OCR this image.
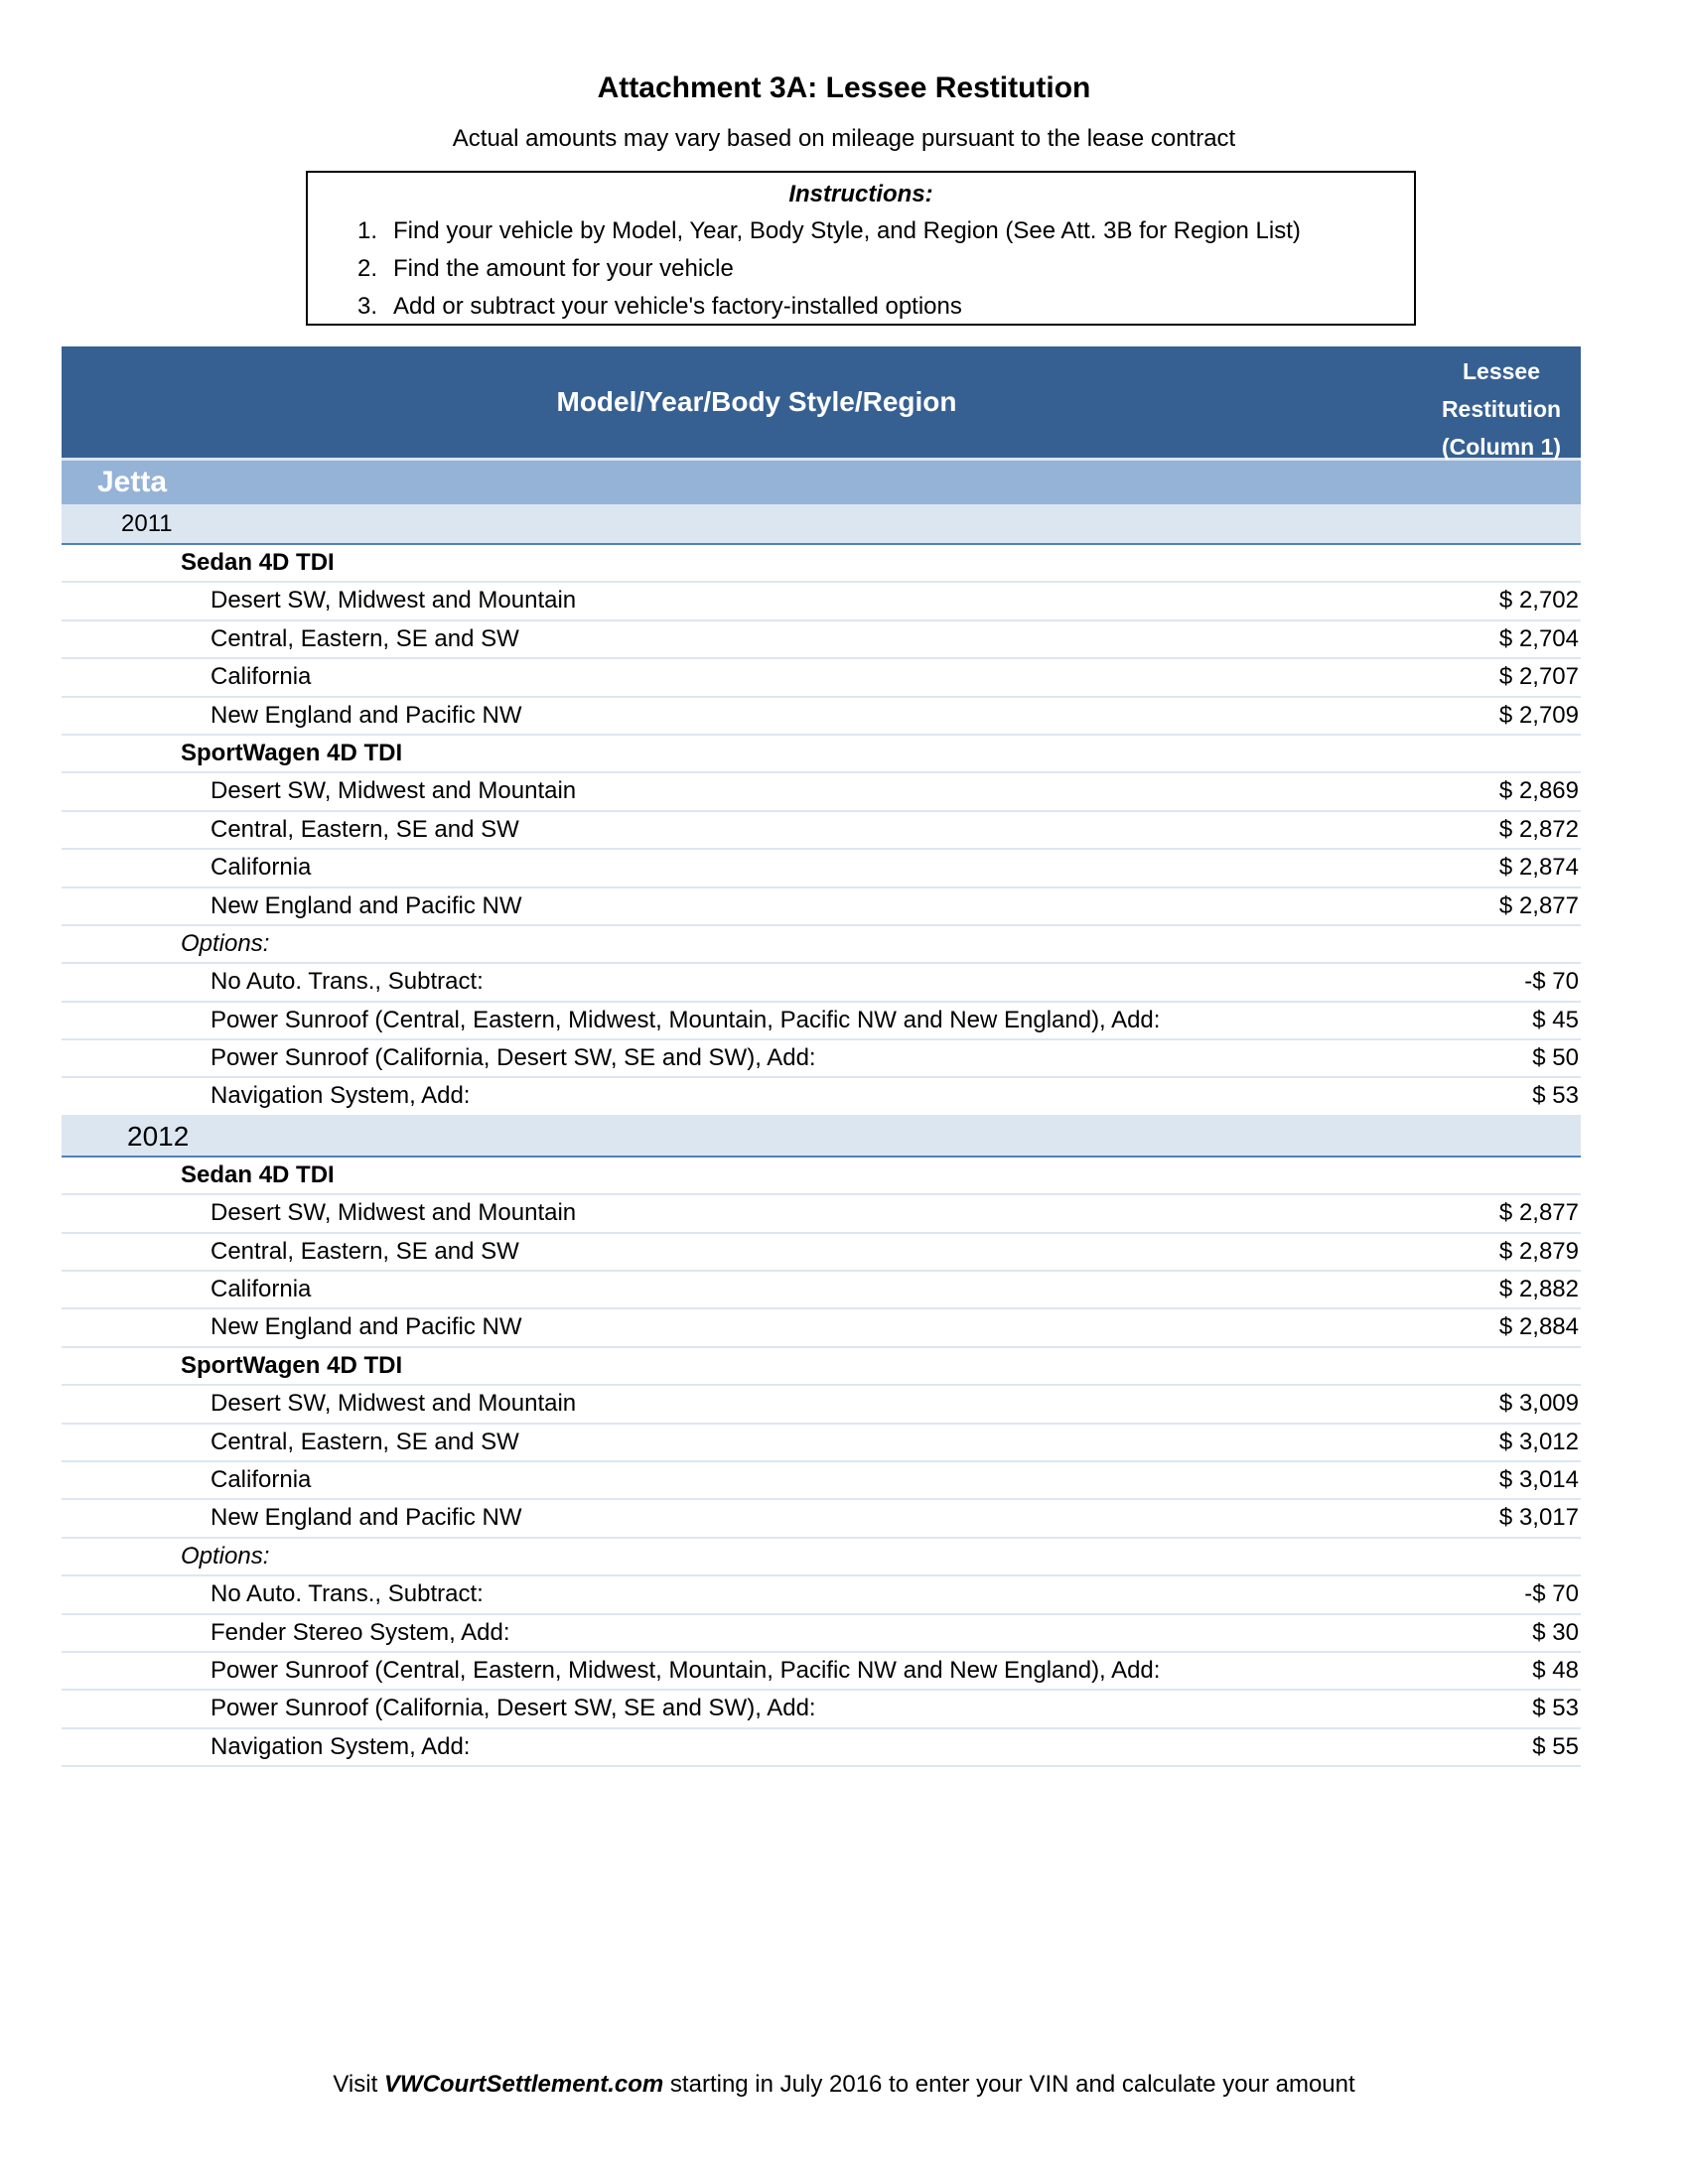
Attachment 3A: Lessee Restitution
Actual amounts may vary based on mileage pursuant to the lease contract
Instructions:
1. Find your vehicle by Model, Year, Body Style, and Region (See Att. 3B for Region List)
2. Find the amount for your vehicle
3. Add or subtract your vehicle's factory-installed options
Model/Year/Body Style/Region
Lessee
Restitution
(Column 1)
Jetta
2011
Sedan 4D TDI
Desert SW, Midwest and Mountain	$ 2,702
Central, Eastern, SE and SW	$ 2,704
California	$ 2,707
New England and Pacific NW	$ 2,709
SportWagen 4D TDI
Desert SW, Midwest and Mountain	$ 2,869
Central, Eastern, SE and SW	$ 2,872
California	$ 2,874
New England and Pacific NW	$ 2,877
Options:
No Auto. Trans., Subtract:	-$ 70
Power Sunroof (Central, Eastern, Midwest, Mountain, Pacific NW and New England), Add:	$ 45
Power Sunroof (California, Desert SW, SE and SW), Add:	$ 50
Navigation System, Add:	$ 53
2012
Sedan 4D TDI
Desert SW, Midwest and Mountain	$ 2,877
Central, Eastern, SE and SW	$ 2,879
California	$ 2,882
New England and Pacific NW	$ 2,884
SportWagen 4D TDI
Desert SW, Midwest and Mountain	$ 3,009
Central, Eastern, SE and SW	$ 3,012
California	$ 3,014
New England and Pacific NW	$ 3,017
Options:
No Auto. Trans., Subtract:	-$ 70
Fender Stereo System, Add:	$ 30
Power Sunroof (Central, Eastern, Midwest, Mountain, Pacific NW and New England), Add:	$ 48
Power Sunroof (California, Desert SW, SE and SW), Add:	$ 53
Navigation System, Add:	$ 55
Visit VWCourtSettlement.com starting in July 2016 to enter your VIN and calculate your amount
